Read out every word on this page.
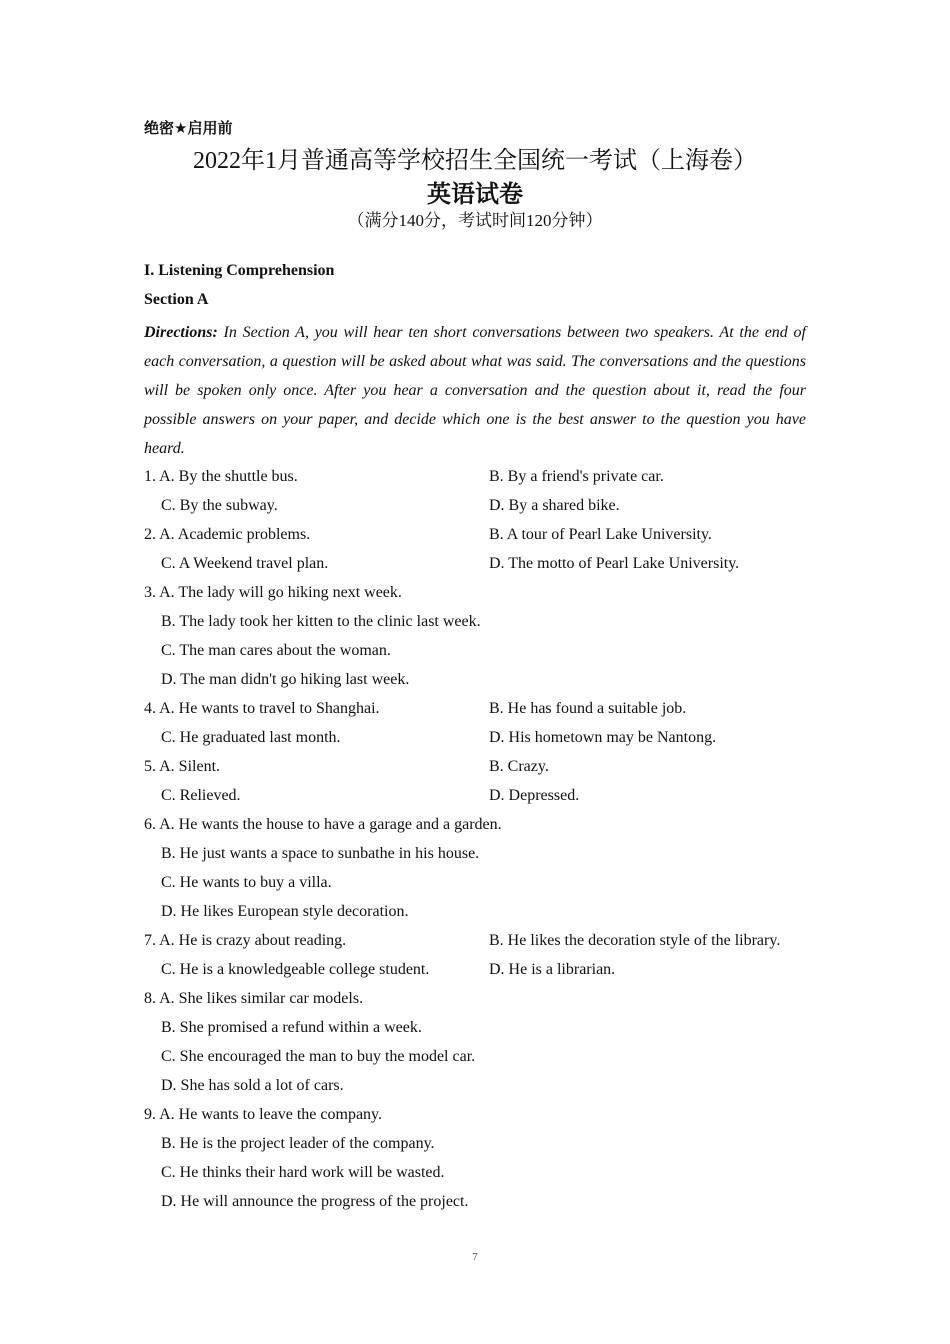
绝密★启用前
2022年1月普通高等学校招生全国统一考试（上海卷）
英语试卷
（满分140分，考试时间120分钟）
I. Listening Comprehension
Section A
Directions: In Section A, you will hear ten short conversations between two speakers. At the end of each conversation, a question will be asked about what was said. The conversations and the questions will be spoken only once. After you hear a conversation and the question about it, read the four possible answers on your paper, and decide which one is the best answer to the question you have heard.
1. A. By the shuttle bus.	B. By a friend's private car.
C. By the subway.	D. By a shared bike.
2. A. Academic problems.	B. A tour of Pearl Lake University.
C. A Weekend travel plan.	D. The motto of Pearl Lake University.
3. A. The lady will go hiking next week.
B. The lady took her kitten to the clinic last week.
C. The man cares about the woman.
D. The man didn't go hiking last week.
4. A. He wants to travel to Shanghai.	B. He has found a suitable job.
C. He graduated last month.	D. His hometown may be Nantong.
5. A. Silent.	B. Crazy.
C. Relieved.	D. Depressed.
6. A. He wants the house to have a garage and a garden.
B. He just wants a space to sunbathe in his house.
C. He wants to buy a villa.
D. He likes European style decoration.
7. A. He is crazy about reading.	B. He likes the decoration style of the library.
C. He is a knowledgeable college student.	D. He is a librarian.
8. A. She likes similar car models.
B. She promised a refund within a week.
C. She encouraged the man to buy the model car.
D. She has sold a lot of cars.
9. A. He wants to leave the company.
B. He is the project leader of the company.
C. He thinks their hard work will be wasted.
D. He will announce the progress of the project.
7
